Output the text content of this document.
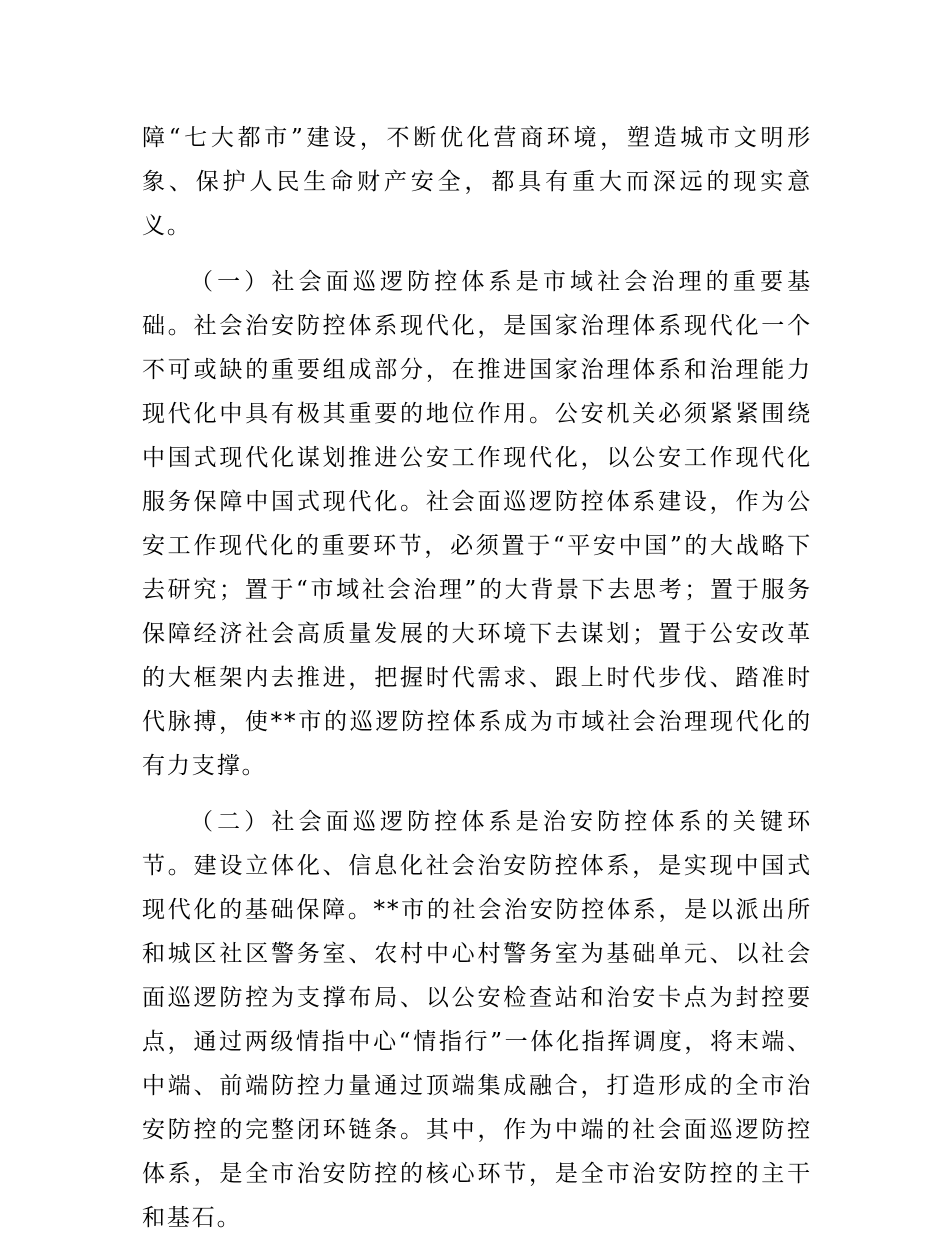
障“七大都市”建设，不断优化营商环境，塑造城市文明形象、保护人民生命财产安全，都具有重大而深远的现实意义。

（一）社会面巡逻防控体系是市域社会治理的重要基础。社会治安防控体系现代化，是国家治理体系现代化一个不可或缺的重要组成部分，在推进国家治理体系和治理能力现代化中具有极其重要的地位作用。公安机关必须紧紧围绕中国式现代化谋划推进公安工作现代化，以公安工作现代化服务保障中国式现代化。社会面巡逻防控体系建设，作为公安工作现代化的重要环节，必须置于“平安中国”的大战略下去研究；置于“市域社会治理”的大背景下去思考；置于服务保障经济社会高质量发展的大环境下去谋划；置于公安改革的大框架内去推进，把握时代需求、跟上时代步伐、踏准时代脉搏，使**市的巡逻防控体系成为市域社会治理现代化的有力支撑。

（二）社会面巡逻防控体系是治安防控体系的关键环节。建设立体化、信息化社会治安防控体系，是实现中国式现代化的基础保障。**市的社会治安防控体系，是以派出所和城区社区警务室、农村中心村警务室为基础单元、以社会面巡逻防控为支撑布局、以公安检查站和治安卡点为封控要点，通过两级情指中心“情指行”一体化指挥调度，将末端、中端、前端防控力量通过顶端集成融合，打造形成的全市治安防控的完整闭环链条。其中，作为中端的社会面巡逻防控体系，是全市治安防控的核心环节，是全市治安防控的主干和基石。
